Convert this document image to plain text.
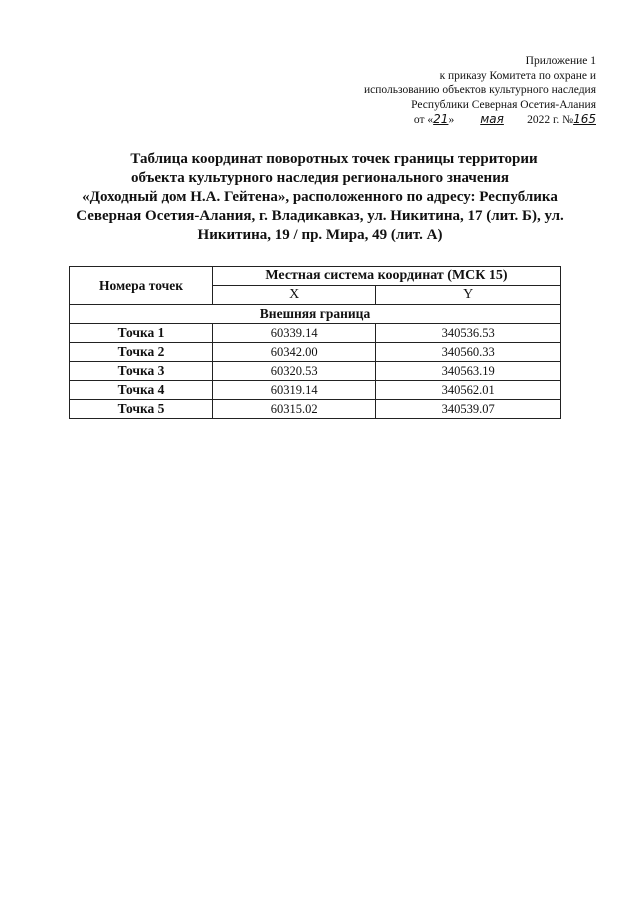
Приложение 1
к приказу Комитета по охране и
использованию объектов культурного наследия
Республики Северная Осетия-Алания
от «21» мая 2022 г. №165
Таблица координат поворотных точек границы территории
объекта культурного наследия регионального значения
«Доходный дом Н.А. Гейтена», расположенного по адресу: Республика
Северная Осетия-Алания, г. Владикавказ, ул. Никитина, 17 (лит. Б), ул.
Никитина, 19 / пр. Мира, 49 (лит. А)
Номера точек	Местная система координат (МСК 15)	
	X	Y
Внешняя граница		
Точка 1	60339.14	340536.53
Точка 2	60342.00	340560.33
Точка 3	60320.53	340563.19
Точка 4	60319.14	340562.01
Точка 5	60315.02	340539.07
